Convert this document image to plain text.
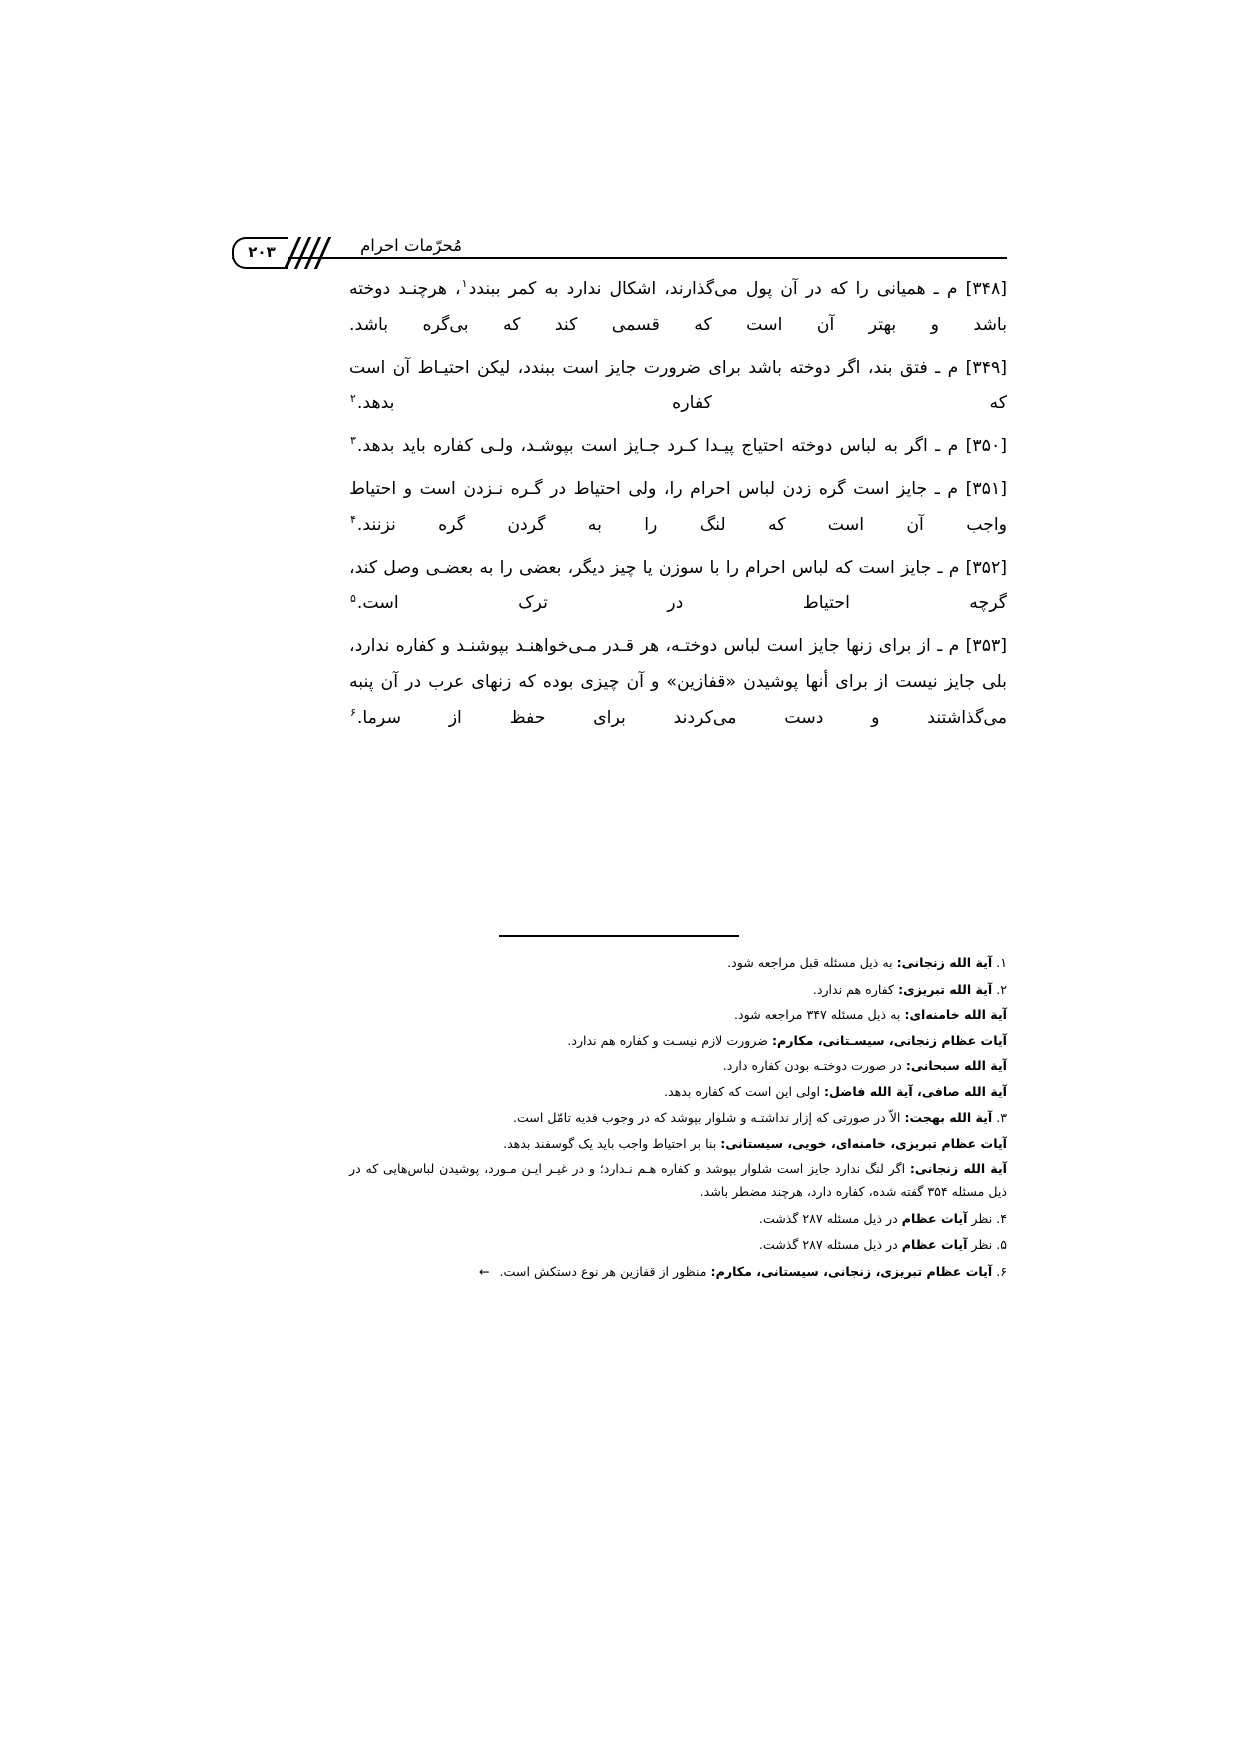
مُحرّمات احرام
۲۰۳

[۳۴۸] م ـ همیانی را که در آن پول می‌گذارند، اشکال ندارد به کمر ببندد$^۱$، هرچنـد دوخته باشد و بهتر آن است که قسمی کند که بی‌گره باشد.

[۳۴۹] م ـ فتق بند، اگر دوخته باشد برای ضرورت جایز است ببندد، لیکن احتیـاط آن است که کفاره بدهد.$^۲$

[۳۵۰] م ـ اگر به لباس دوخته احتیاج پیـدا کـرد جـایز است بپوشـد، ولـی کفاره باید بدهد.$^۳$

[۳۵۱] م ـ جایز است گره زدن لباس احرام را، ولی احتیاط در گـره نـزدن است و احتیاط واجب آن است که لنگ را به گردن گره نزنند.$^۴$

[۳۵۲] م ـ جایز است که لباس احرام را با سوزن یا چیز دیگر، بعضی را به بعضـی وصل کند، گرچه احتیاط در ترک است.$^۵$

[۳۵۳] م ـ از برای زنها جایز است لباس دوختـه، هر قـدر مـی‌خواهنـد بپوشنـد و کفاره ندارد، بلی جایز نیست از برای أنها پوشیدن «قفازین» و آن چیزی بوده که زنهای عرب در آن پنبه می‌گذاشتند و دست می‌کردند برای حفظ از سرما.$^۶$

۱. آية الله زنجانی: به ذیل مسئله قبل مراجعه شود.
۲. آية الله تبریزی: کفاره هم ندارد.
آية الله خامنه‌ای: به ذیل مسئله ۳۴۷ مراجعه شود.
آيات عظام زنجانی، سیسـتانی، مکارم: ضرورت لازم نیسـت و کفاره هم ندارد.
آية الله سبحانی: در صورت دوختـه بودن کفاره دارد.
آية الله صافی، آية الله فاضل: اولی این است که کفاره بدهد.
۳. آية الله بهجت: الاّ در صورتی که إزار نداشتـه و شلوار بپوشد که در وجوب فدیه تامّل است.
آيات عظام تبریزی، خامنه‌ای، خویی، سیستانی: بنا بر احتیاط واجب باید یک گوسفند بدهد.
آية الله زنجانی: اگر لنگ ندارد جایز است شلوار بپوشد و کفاره هـم نـدارد؛ و در غیـر ایـن مـورد، پوشیدن لباس‌هایی که در ذیل مسئله ۳۵۴ گفته شده، کفاره دارد، هرچند مضطر باشد.
۴. نظر آيات عظام در ذیل مسئله ۲۸۷ گذشت.
۵. نظر آيات عظام در ذیل مسئله ۲۸۷ گذشت.
۶. آيات عظام تبریزی، زنجانی، سیستانی، مکارم: منظور از قفازین هر نوع دستکش است. ←
